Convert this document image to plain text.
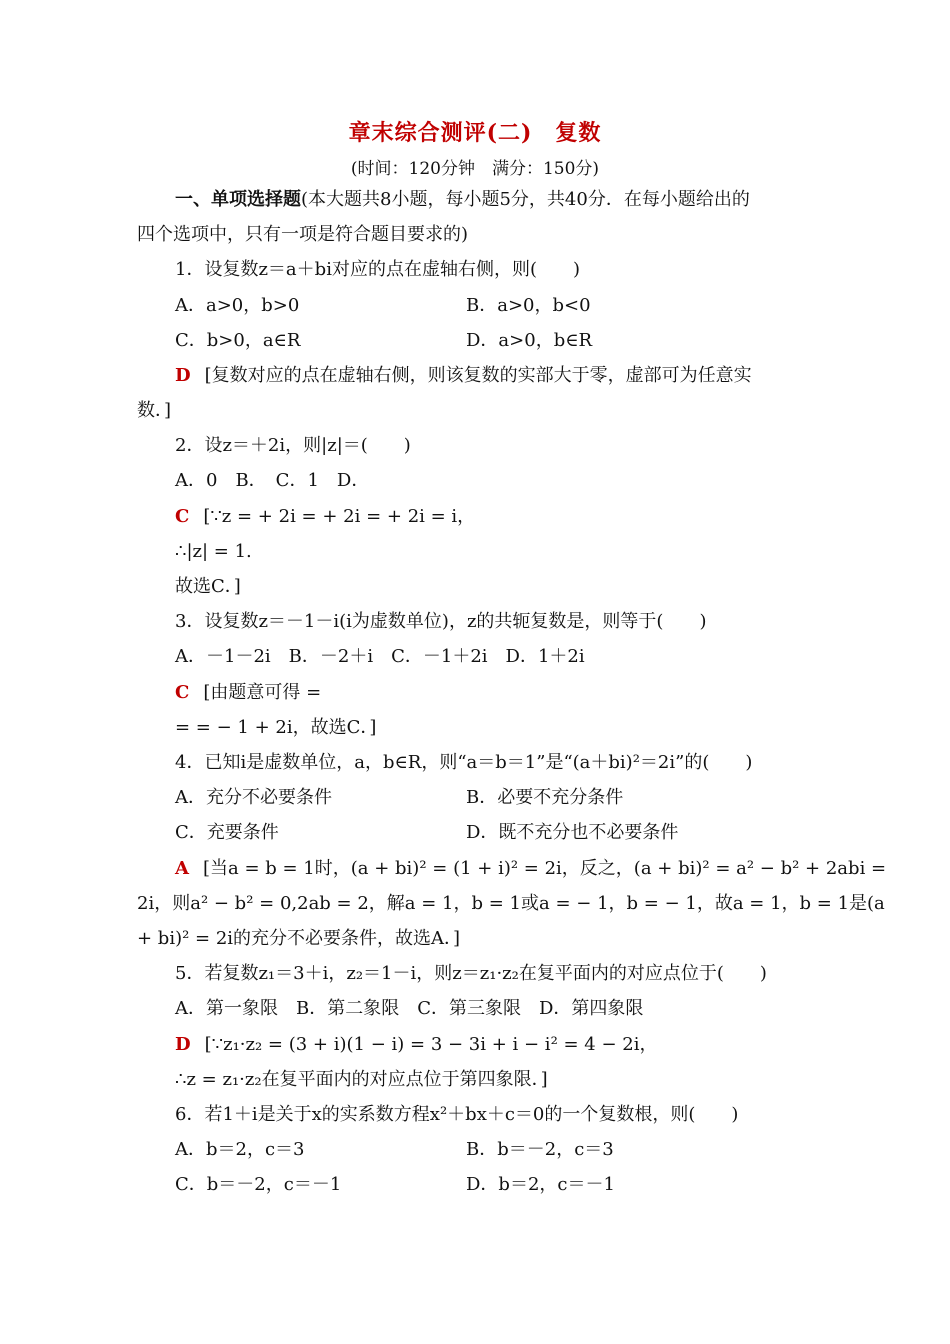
章末综合测评(二)　复数
(时间：120分钟　满分：150分)
一、单项选择题(本大题共8小题，每小题5分，共40分．在每小题给出的
四个选项中，只有一项是符合题目要求的)
1．设复数z＝a＋bi对应的点在虚轴右侧，则(　　)
A．a>0，b>0	B．a>0，b<0
C．b>0，a∈R	D．a>0，b∈R
D [复数对应的点在虚轴右侧，则该复数的实部大于零，虚部可为任意实
数．]
2．设z＝＋2i，则|z|＝(　　)
A．0　B．　C．1　D．
C [∵z = + 2i = + 2i = + 2i = i，
∴|z| = 1.
故选C．]
3．设复数z＝－1－i(i为虚数单位)，z的共轭复数是，则等于(　　)
A．－1－2i　B．－2＋i　C．－1＋2i　D．1＋2i
C [由题意可得 =
= = − 1 + 2i，故选C．]
4．已知i是虚数单位，a，b∈R，则“a＝b＝1”是“(a＋bi)²＝2i”的(　　)
A．充分不必要条件	B．必要不充分条件
C．充要条件	D．既不充分也不必要条件
A [当a = b = 1时，(a + bi)² = (1 + i)² = 2i，反之，(a + bi)² = a² − b² + 2abi =
2i，则a² − b² = 0,2ab = 2，解a = 1，b = 1或a = − 1，b = − 1，故a = 1，b = 1是(a
+ bi)² = 2i的充分不必要条件，故选A．]
5．若复数z₁＝3＋i，z₂＝1－i，则z＝z₁·z₂在复平面内的对应点位于(　　)
A．第一象限　B．第二象限　C．第三象限　D．第四象限
D [∵z₁·z₂ = (3 + i)(1 − i) = 3 − 3i + i − i² = 4 − 2i，
∴z = z₁·z₂在复平面内的对应点位于第四象限．]
6．若1＋i是关于x的实系数方程x²＋bx＋c＝0的一个复数根，则(　　)
A．b＝2，c＝3	B．b＝－2，c＝3
C．b＝－2，c＝－1	D．b＝2，c＝－1
